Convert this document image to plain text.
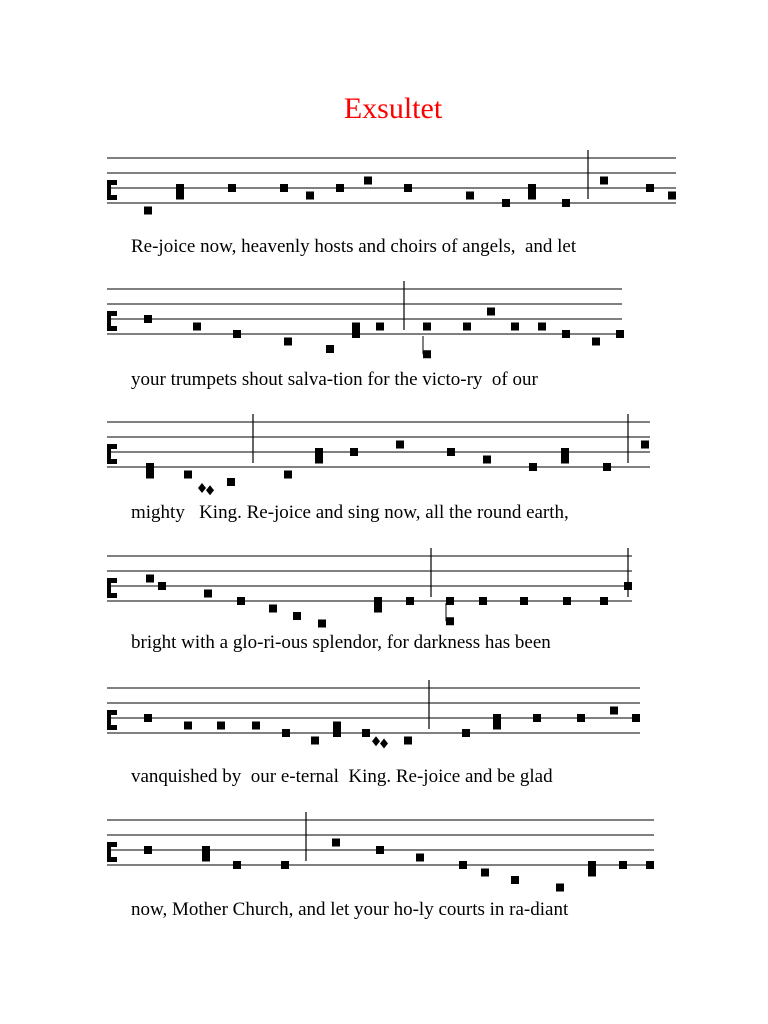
Exsultet
Re-joice now, heavenly hosts and choirs of angels,  and let
your trumpets shout salva-tion for the victo-ry  of our
mighty   King. Re-joice and sing now, all the round earth,
bright with a glo-ri-ous splendor, for darkness has been
vanquished by  our e-ternal  King. Re-joice and be glad
now, Mother Church, and let your ho-ly courts in ra-diant
